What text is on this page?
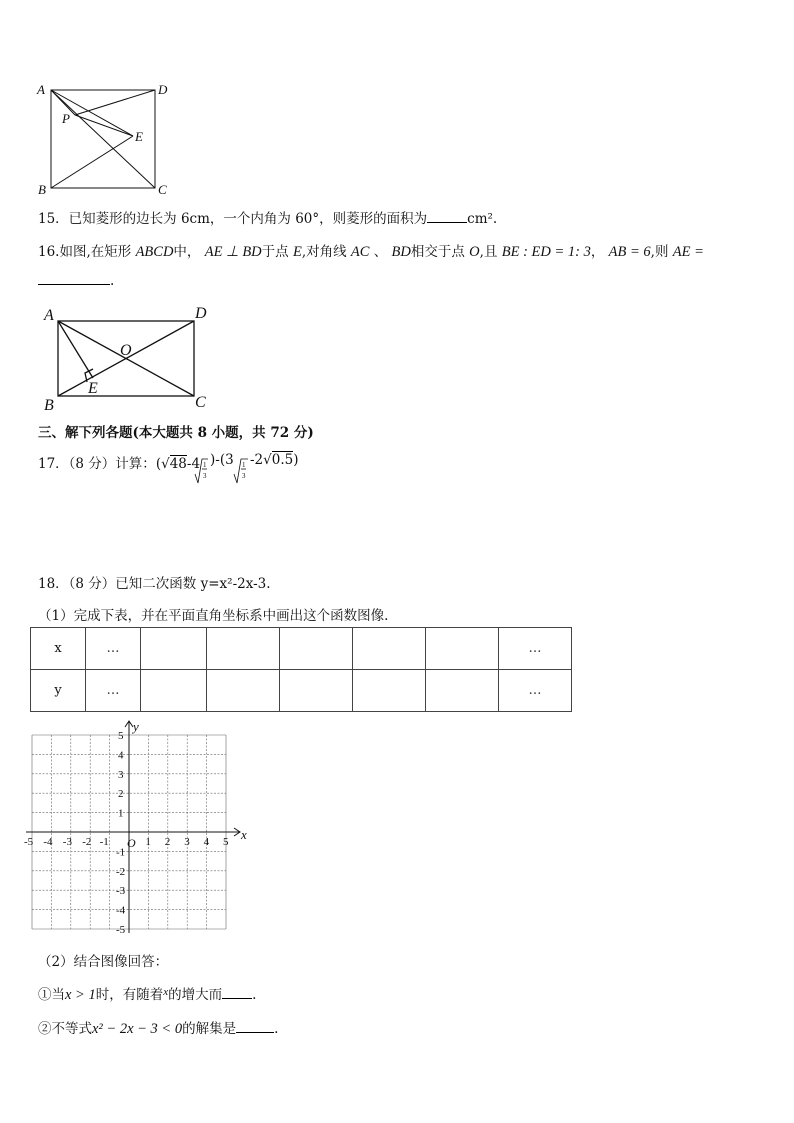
A	D
P
E
B	C
15．已知菱形的边长为 6cm，一个内角为 60°，则菱形的面积为	cm².
16.如图,在矩形 ABCD中， AE ⊥ BD于点 E,对角线 AC 、 BD相交于点 O,且 BE : ED = 1: 3， AB = 6,则 AE =
.
A	D
O
E
B	C
三、解下列各题(本大题共 8 小题，共 72 分)
17．（8 分）计算：(√48-4 1
3
1
3
)-(3 -2√0.5)
18．（8 分）已知二次函数 y=x²-2x-3.
（1）完成下表，并在平面直角坐标系中画出这个函数图像.
x	…						…
y	…						…
x
y
O
-5 -4 -3 -2 -1	1 2 3 4 5
5
4
3
2
1
-1
-2
-3
-4
-5
（2）结合图像回答：
①当x > 1时，有随着$^x$的增大而 .
②不等式x² − 2x − 3 < 0的解集是	.
